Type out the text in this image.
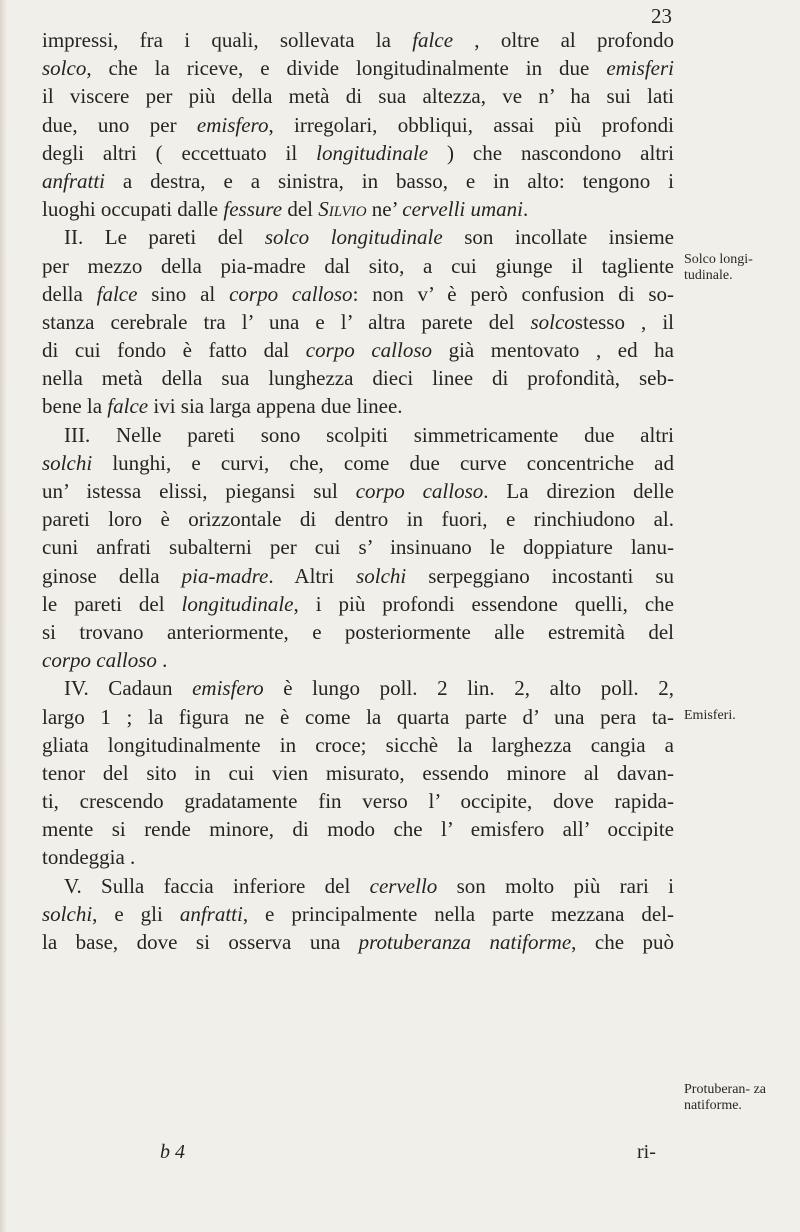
23
impressi, fra i quali, sollevata la falce , oltre al profondo
solco, che la riceve, e divide longitudinalmente in due emisferi
il viscere per più della metà di sua altezza, ve n’ ha sui lati
due, uno per emisfero, irregolari, obbliqui, assai più profondi
degli altri ( eccettuato il longitudinale ) che nascondono altri
anfratti a destra, e a sinistra, in basso, e in alto: tengono i
luoghi occupati dalle fessure del Silvio ne’ cervelli umani.
II. Le pareti del solco longitudinale son incollate insieme
per mezzo della pia-madre dal sito, a cui giunge il tagliente
della falce sino al corpo calloso: non v’ è però confusion di so-
stanza cerebrale tra l’ una e l’ altra parete del solcostesso , il
di cui fondo è fatto dal corpo calloso già mentovato , ed ha
nella metà della sua lunghezza dieci linee di profondità, seb-
bene la falce ivi sia larga appena due linee.
III. Nelle pareti sono scolpiti simmetricamente due altri
solchi lunghi, e curvi, che, come due curve concentriche ad
un’ istessa elissi, piegansi sul corpo calloso. La direzion delle
pareti loro è orizzontale di dentro in fuori, e rinchiudono al.
cuni anfrati subalterni per cui s’ insinuano le doppiature lanu-
ginose della pia-madre. Altri solchi serpeggiano incostanti su
le pareti del longitudinale, i più profondi essendone quelli, che
si trovano anteriormente, e posteriormente alle estremità del
corpo calloso .
IV. Cadaun emisfero è lungo poll. 2 lin. 2, alto poll. 2,
largo 1 ; la figura ne è come la quarta parte d’ una pera ta-
gliata longitudinalmente in croce; sicchè la larghezza cangia a
tenor del sito in cui vien misurato, essendo minore al davan-
ti, crescendo gradatamente fin verso l’ occipite, dove rapida-
mente si rende minore, di modo che l’ emisfero all’ occipite
tondeggia .
V. Sulla faccia inferiore del cervello son molto più rari i
solchi, e gli anfratti, e principalmente nella parte mezzana del-
la base, dove si osserva una protuberanza natiforme, che può
Solco longi- tudinale.
Emisferi.
Protuberan- za natiforme.
b 4	ri-
